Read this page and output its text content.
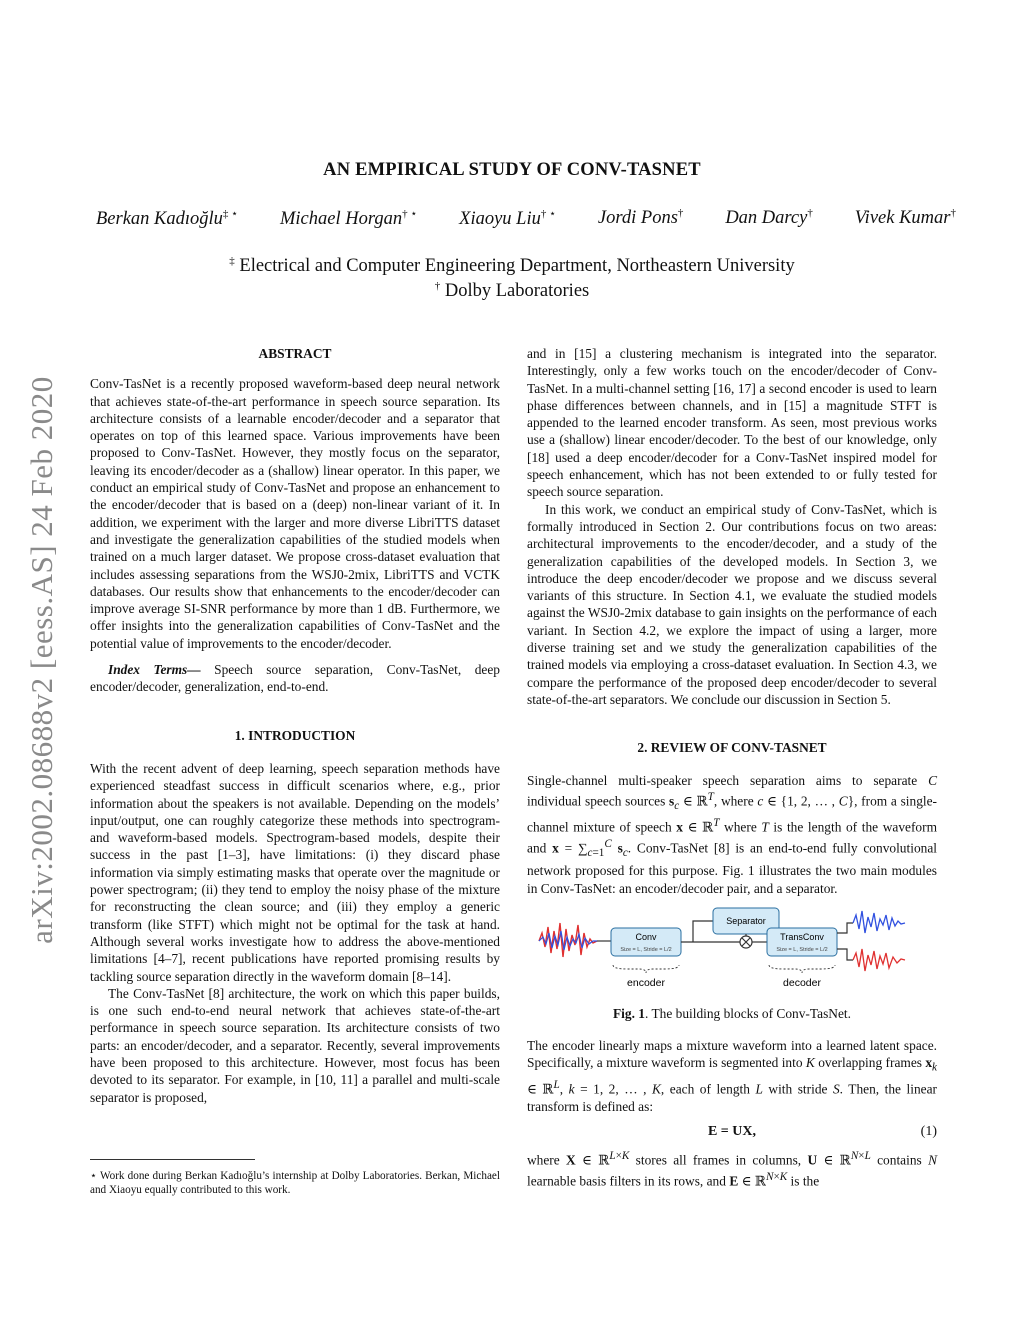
arXiv:2002.08688v2 [eess.AS] 24 Feb 2020
AN EMPIRICAL STUDY OF CONV-TASNET
Berkan Kadıoğlu‡ ⋆ Michael Horgan† ⋆ Xiaoyu Liu† ⋆ Jordi Pons† Dan Darcy† Vivek Kumar†
‡ Electrical and Computer Engineering Department, Northeastern University
† Dolby Laboratories
ABSTRACT

Conv-TasNet is a recently proposed waveform-based deep neural network that achieves state-of-the-art performance in speech source separation. Its architecture consists of a learnable encoder/decoder and a separator that operates on top of this learned space. Various improvements have been proposed to Conv-TasNet. However, they mostly focus on the separator, leaving its encoder/decoder as a (shallow) linear operator. In this paper, we conduct an empirical study of Conv-TasNet and propose an enhancement to the encoder/decoder that is based on a (deep) non-linear variant of it. In addition, we experiment with the larger and more diverse LibriTTS dataset and investigate the generalization capabilities of the studied models when trained on a much larger dataset. We propose cross-dataset evaluation that includes assessing separations from the WSJ0-2mix, LibriTTS and VCTK databases. Our results show that enhancements to the encoder/decoder can improve average SI-SNR performance by more than 1 dB. Furthermore, we offer insights into the generalization capabilities of Conv-TasNet and the potential value of improvements to the encoder/decoder.

Index Terms— Speech source separation, Conv-TasNet, deep encoder/decoder, generalization, end-to-end.

1. INTRODUCTION

With the recent advent of deep learning, speech separation methods have experienced steadfast success in difficult scenarios where, e.g., prior information about the speakers is not available. Depending on the models’ input/output, one can roughly categorize these methods into spectrogram- and waveform-based models. Spectrogram-based models, despite their success in the past [1–3], have limitations: (i) they discard phase information via simply estimating masks that operate over the magnitude or power spectrogram; (ii) they tend to employ the noisy phase of the mixture for reconstructing the clean source; and (iii) they employ a generic transform (like STFT) which might not be optimal for the task at hand. Although several works investigate how to address the above-mentioned limitations [4–7], recent publications have reported promising results by tackling source separation directly in the waveform domain [8–14].

The Conv-TasNet [8] architecture, the work on which this paper builds, is one such end-to-end neural network that achieves state-of-the-art performance in speech source separation. Its architecture consists of two parts: an encoder/decoder, and a separator. Recently, several improvements have been proposed to this architecture. However, most focus has been devoted to its separator. For example, in [10, 11] a parallel and multi-scale separator is proposed,

⋆ Work done during Berkan Kadıoğlu’s internship at Dolby Laboratories. Berkan, Michael and Xiaoyu equally contributed to this work.

and in [15] a clustering mechanism is integrated into the separator. Interestingly, only a few works touch on the encoder/decoder of Conv-TasNet. In a multi-channel setting [16, 17] a second encoder is used to learn phase differences between channels, and in [15] a magnitude STFT is appended to the learned encoder transform. As seen, most previous works use a (shallow) linear encoder/decoder. To the best of our knowledge, only [18] used a deep encoder/decoder for a Conv-TasNet inspired model for speech enhancement, which has not been extended to or fully tested for speech source separation.

In this work, we conduct an empirical study of Conv-TasNet, which is formally introduced in Section 2. Our contributions focus on two areas: architectural improvements to the encoder/decoder, and a study of the generalization capabilities of the developed models. In Section 3, we introduce the deep encoder/decoder we propose and we discuss several variants of this structure. In Section 4.1, we evaluate the studied models against the WSJ0-2mix database to gain insights on the performance of each variant. In Section 4.2, we explore the impact of using a larger, more diverse training set and we study the generalization capabilities of the trained models via employing a cross-dataset evaluation. In Section 4.3, we compare the performance of the proposed deep encoder/decoder to several state-of-the-art separators. We conclude our discussion in Section 5.

2. REVIEW OF CONV-TASNET

Single-channel multi-speaker speech separation aims to separate C individual speech sources $s_c$ ∈ ℝ$^T$, where c ∈ {1, 2, … , C}, from a single-channel mixture of speech x ∈ ℝ$^T$ where T is the length of the waveform and $x = \sum_{c=1}^C$ $s_c$. Conv-TasNet [8] is an end-to-end fully convolutional network proposed for this purpose. Fig. 1 illustrates the two main modules in Conv-TasNet: an encoder/decoder pair, and a separator.

Conv
Size = L, Stride = L/2
Separator
TransConv
Size = L, Stride = L/2
encoder	decoder
Fig. 1. The building blocks of Conv-TasNet.

The encoder linearly maps a mixture waveform into a learned latent space. Specifically, a mixture waveform is segmented into K overlapping frames $x_k$ ∈ ℝ$^L$, k = 1, 2, … , K, each of length L with stride S. Then, the linear transform is defined as:

E = UX,	(1)

where X ∈ ℝ$^{L\times K}$ stores all frames in columns, U ∈ ℝ$^{N\times L}$ contains N learnable basis filters in its rows, and E ∈ ℝ$^{N\times K}$ is the
